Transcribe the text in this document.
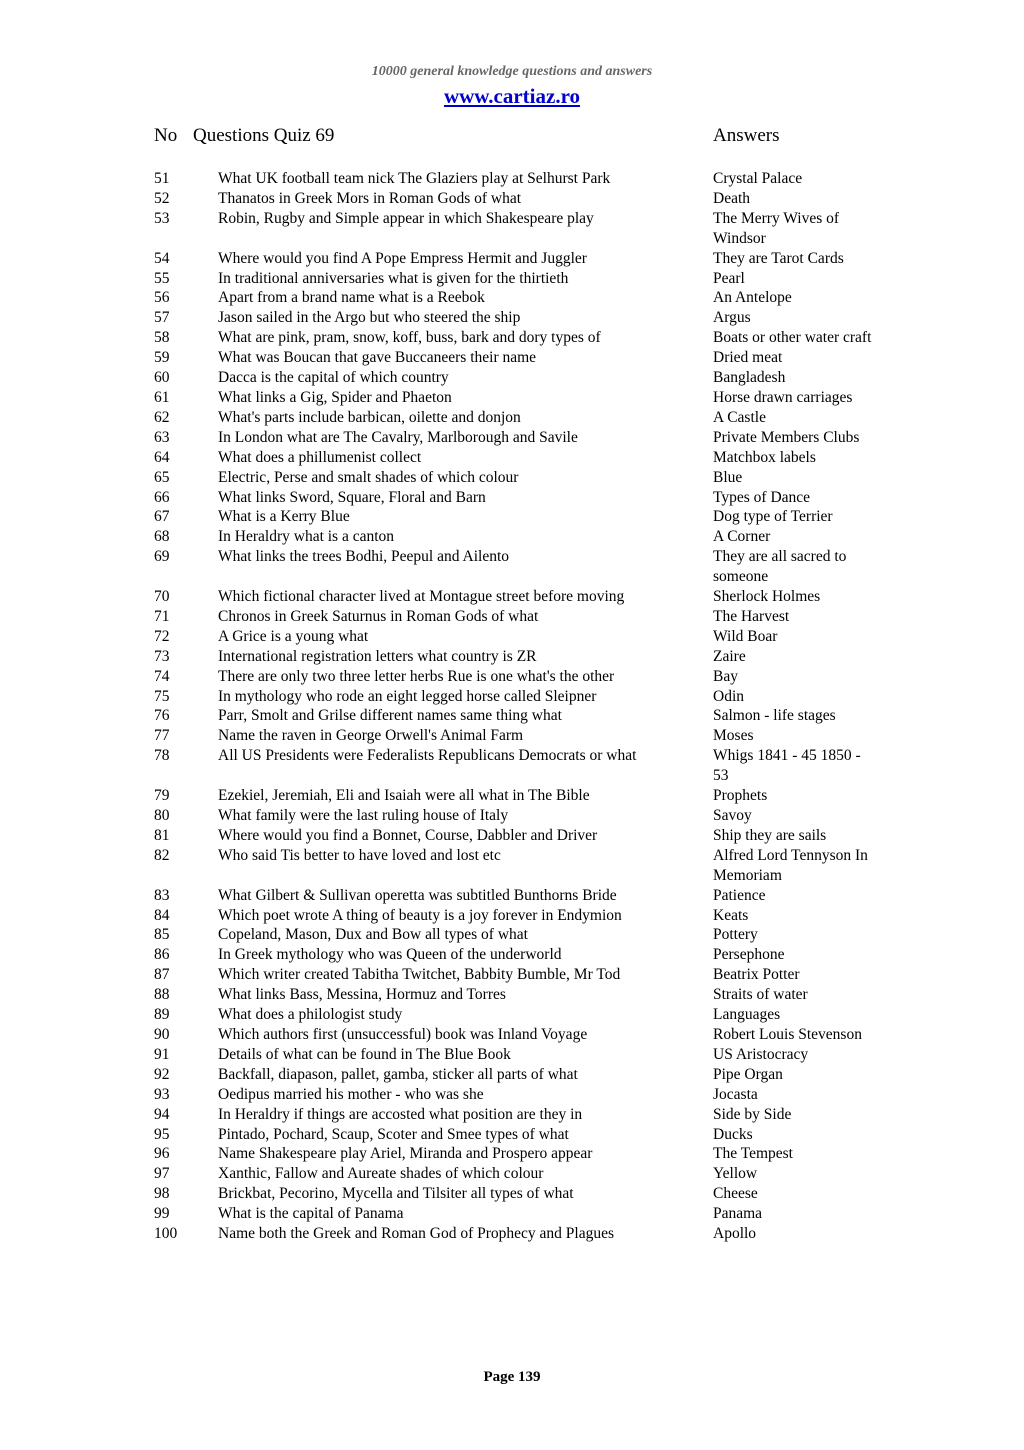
10000 general knowledge questions and answers
www.cartiaz.ro
No Questions Quiz 69	Answers
51	What UK football team nick The Glaziers play at Selhurst Park	Crystal Palace
52	Thanatos in Greek Mors in Roman Gods of what	Death
53	Robin, Rugby and Simple appear in which Shakespeare play	The Merry Wives of Windsor
54	Where would you find A Pope Empress Hermit and Juggler	They are Tarot Cards
55	In traditional anniversaries what is given for the thirtieth	Pearl
56	Apart from a brand name what is a Reebok	An Antelope
57	Jason sailed in the Argo but who steered the ship	Argus
58	What are pink, pram, snow, koff, buss, bark and dory types of	Boats or other water craft
59	What was Boucan that gave Buccaneers their name	Dried meat
60	Dacca is the capital of which country	Bangladesh
61	What links a Gig, Spider and Phaeton	Horse drawn carriages
62	What's parts include barbican, oilette and donjon	A Castle
63	In London what are The Cavalry, Marlborough and Savile	Private Members Clubs
64	What does a phillumenist collect	Matchbox labels
65	Electric, Perse and smalt shades of which colour	Blue
66	What links Sword, Square, Floral and Barn	Types of Dance
67	What is a Kerry Blue	Dog type of Terrier
68	In Heraldry what is a canton	A Corner
69	What links the trees Bodhi, Peepul and Ailento	They are all sacred to someone
70	Which fictional character lived at Montague street before moving	Sherlock Holmes
71	Chronos in Greek Saturnus in Roman Gods of what	The Harvest
72	A Grice is a young what	Wild Boar
73	International registration letters what country is ZR	Zaire
74	There are only two three letter herbs Rue is one what's the other	Bay
75	In mythology who rode an eight legged horse called Sleipner	Odin
76	Parr, Smolt and Grilse different names same thing what	Salmon - life stages
77	Name the raven in George Orwell's Animal Farm	Moses
78	All US Presidents were Federalists Republicans Democrats or what	Whigs 1841 - 45 1850 - 53
79	Ezekiel, Jeremiah, Eli and Isaiah were all what in The Bible	Prophets
80	What family were the last ruling house of Italy	Savoy
81	Where would you find a Bonnet, Course, Dabbler and Driver	Ship they are sails
82	Who said Tis better to have loved and lost etc	Alfred Lord Tennyson In Memoriam
83	What Gilbert & Sullivan operetta was subtitled Bunthorns Bride	Patience
84	Which poet wrote A thing of beauty is a joy forever in Endymion	Keats
85	Copeland, Mason, Dux and Bow all types of what	Pottery
86	In Greek mythology who was Queen of the underworld	Persephone
87	Which writer created Tabitha Twitchet, Babbity Bumble, Mr Tod	Beatrix Potter
88	What links Bass, Messina, Hormuz and Torres	Straits of water
89	What does a philologist study	Languages
90	Which authors first (unsuccessful) book was Inland Voyage	Robert Louis Stevenson
91	Details of what can be found in The Blue Book	US Aristocracy
92	Backfall, diapason, pallet, gamba, sticker all parts of what	Pipe Organ
93	Oedipus married his mother - who was she	Jocasta
94	In Heraldry if things are accosted what position are they in	Side by Side
95	Pintado, Pochard, Scaup, Scoter and Smee types of what	Ducks
96	Name Shakespeare play Ariel, Miranda and Prospero appear	The Tempest
97	Xanthic, Fallow and Aureate shades of which colour	Yellow
98	Brickbat, Pecorino, Mycella and Tilsiter all types of what	Cheese
99	What is the capital of Panama	Panama
100	Name both the Greek and Roman God of Prophecy and Plagues	Apollo
Page 139
